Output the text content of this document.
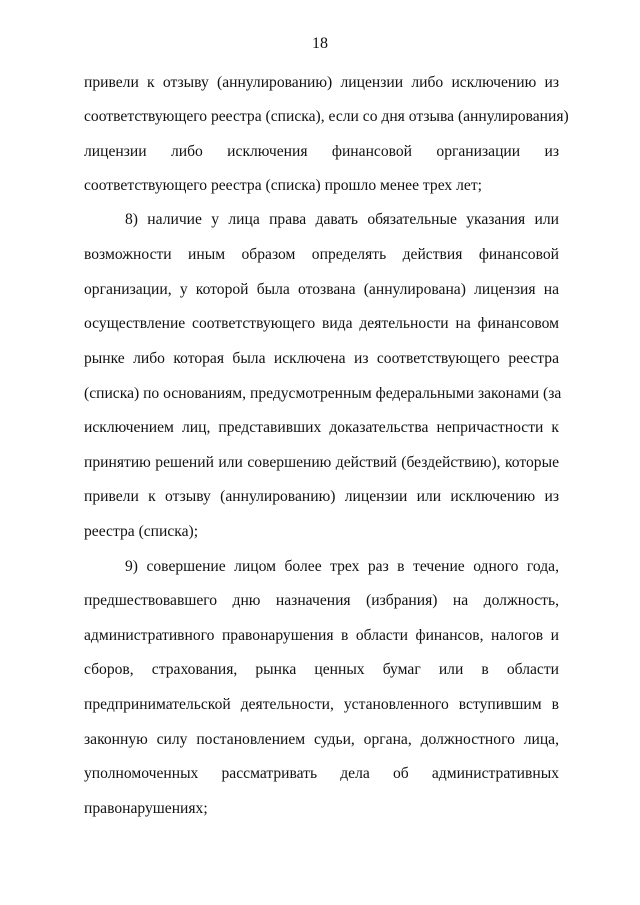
18
привели к отзыву (аннулированию) лицензии либо исключению из
соответствующего реестра (списка), если со дня отзыва (аннулирования)
лицензии либо исключения финансовой организации из
соответствующего реестра (списка) прошло менее трех лет;
8) наличие у лица права давать обязательные указания или
возможности иным образом определять действия финансовой
организации, у которой была отозвана (аннулирована) лицензия на
осуществление соответствующего вида деятельности на финансовом
рынке либо которая была исключена из соответствующего реестра
(списка) по основаниям, предусмотренным федеральными законами (за
исключением лиц, представивших доказательства непричастности к
принятию решений или совершению действий (бездействию), которые
привели к отзыву (аннулированию) лицензии или исключению из
реестра (списка);
9) совершение лицом более трех раз в течение одного года,
предшествовавшего дню назначения (избрания) на должность,
административного правонарушения в области финансов, налогов и
сборов, страхования, рынка ценных бумаг или в области
предпринимательской деятельности, установленного вступившим в
законную силу постановлением судьи, органа, должностного лица,
уполномоченных рассматривать дела об административных
правонарушениях;
